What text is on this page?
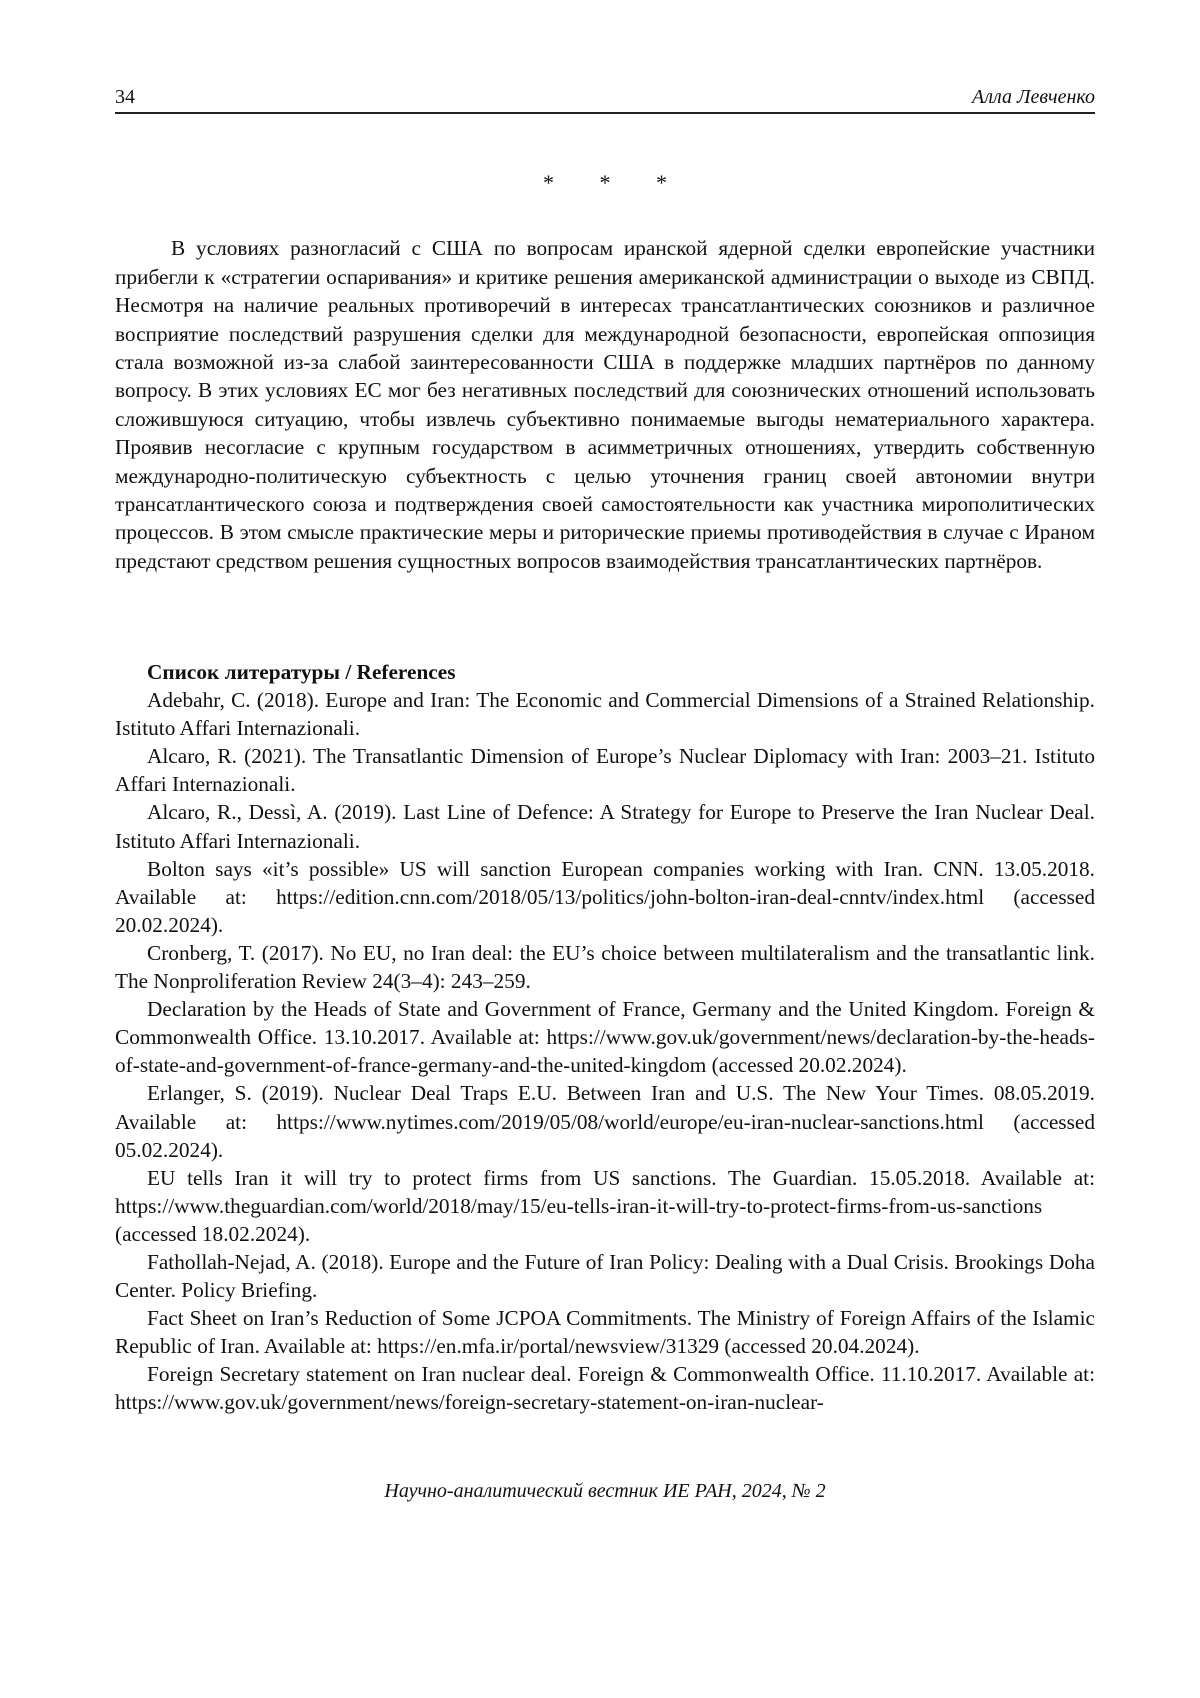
34	Алла Левченко
* * *

В условиях разногласий с США по вопросам иранской ядерной сделки европейские участники прибегли к «стратегии оспаривания» и критике решения американской администрации о выходе из СВПД. Несмотря на наличие реальных противоречий в интересах трансатлантических союзников и различное восприятие последствий разрушения сделки для международной безопасности, европейская оппозиция стала возможной из-за слабой заинтересованности США в поддержке младших партнёров по данному вопросу. В этих условиях ЕС мог без негативных последствий для союзнических отношений использовать сложившуюся ситуацию, чтобы извлечь субъективно понимаемые выгоды нематериального характера. Проявив несогласие с крупным государством в асимметричных отношениях, утвердить собственную международно-политическую субъектность с целью уточнения границ своей автономии внутри трансатлантического союза и подтверждения своей самостоятельности как участника мирополитических процессов. В этом смысле практические меры и риторические приемы противодействия в случае с Ираном предстают средством решения сущностных вопросов взаимодействия трансатлантических партнёров.

Список литературы / References

Adebahr, C. (2018). Europe and Iran: The Economic and Commercial Dimensions of a Strained Relationship. Istituto Affari Internazionali.

Alcaro, R. (2021). The Transatlantic Dimension of Europe’s Nuclear Diplomacy with Iran: 2003–21. Istituto Affari Internazionali.

Alcaro, R., Dessì, A. (2019). Last Line of Defence: A Strategy for Europe to Preserve the Iran Nuclear Deal. Istituto Affari Internazionali.

Bolton says «it’s possible» US will sanction European companies working with Iran. CNN. 13.05.2018. Available at: https://edition.cnn.com/2018/05/13/politics/john-bolton-iran-deal-cnntv/index.html (accessed 20.02.2024).

Cronberg, T. (2017). No EU, no Iran deal: the EU’s choice between multilateralism and the transatlantic link. The Nonproliferation Review 24(3–4): 243–259.

Declaration by the Heads of State and Government of France, Germany and the United Kingdom. Foreign & Commonwealth Office. 13.10.2017. Available at: https://www.gov.uk/government/news/declaration-by-the-heads-of-state-and-government-of-france-germany-and-the-united-kingdom (accessed 20.02.2024).

Erlanger, S. (2019). Nuclear Deal Traps E.U. Between Iran and U.S. The New Your Times. 08.05.2019. Available at: https://www.nytimes.com/2019/05/08/world/europe/eu-iran-nuclear-sanctions.html (accessed 05.02.2024).

EU tells Iran it will try to protect firms from US sanctions. The Guardian. 15.05.2018. Available at: https://www.theguardian.com/world/2018/may/15/eu-tells-iran-it-will-try-to-protect-firms-from-us-sanctions (accessed 18.02.2024).

Fathollah-Nejad, A. (2018). Europe and the Future of Iran Policy: Dealing with a Dual Crisis. Brookings Doha Center. Policy Briefing.

Fact Sheet on Iran’s Reduction of Some JCPOA Commitments. The Ministry of Foreign Affairs of the Islamic Republic of Iran. Available at: https://en.mfa.ir/portal/newsview/31329 (accessed 20.04.2024).

Foreign Secretary statement on Iran nuclear deal. Foreign & Commonwealth Office. 11.10.2017. Available at: https://www.gov.uk/government/news/foreign-secretary-statement-on-iran-nuclear-

Научно-аналитический вестник ИЕ РАН, 2024, № 2
